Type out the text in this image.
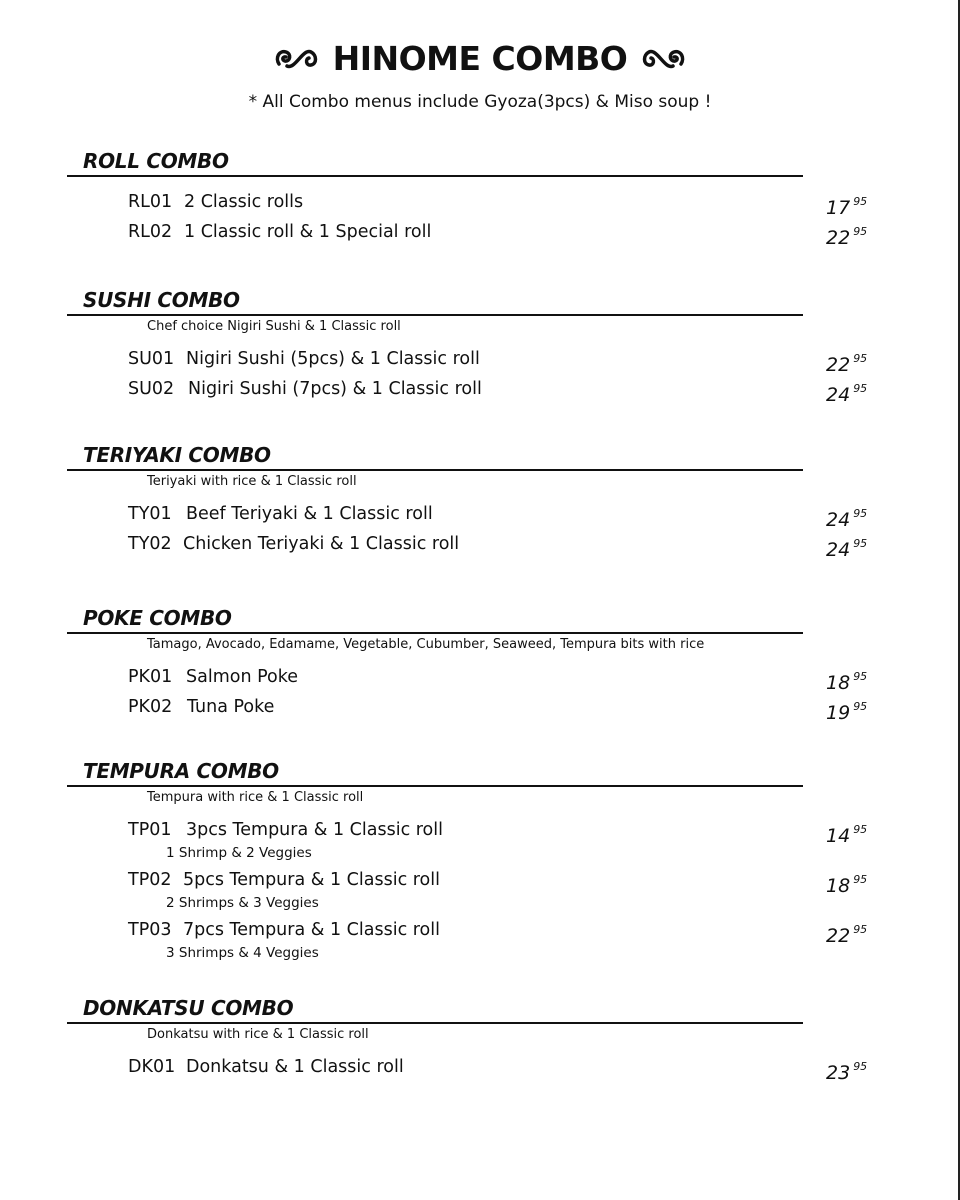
HINOME COMBO
* All Combo menus include Gyoza(3pcs) & Miso soup !
ROLL COMBO
RL01 2 Classic rolls	17 $^{95}$
RL02 1 Classic roll & 1 Special roll	22 $^{95}$
SUSHI COMBO
Chef choice Nigiri Sushi & 1 Classic roll
SU01 Nigiri Sushi (5pcs) & 1 Classic roll	22 $^{95}$
SU02 Nigiri Sushi (7pcs) & 1 Classic roll	24 $^{95}$
TERIYAKI COMBO
Teriyaki with rice & 1 Classic roll
TY01 Beef Teriyaki & 1 Classic roll	24 $^{95}$
TY02 Chicken Teriyaki & 1 Classic roll	24 $^{95}$
POKE COMBO
Tamago, Avocado, Edamame, Vegetable, Cubumber, Seaweed, Tempura bits with rice
PK01 Salmon Poke	18 $^{95}$
PK02 Tuna Poke	19 $^{95}$
TEMPURA COMBO
Tempura with rice & 1 Classic roll
TP01 3pcs Tempura & 1 Classic roll	14 $^{95}$
1 Shrimp & 2 Veggies
TP02 5pcs Tempura & 1 Classic roll	18 $^{95}$
2 Shrimps & 3 Veggies
TP03 7pcs Tempura & 1 Classic roll	22 $^{95}$
3 Shrimps & 4 Veggies
DONKATSU COMBO
Donkatsu with rice & 1 Classic roll
DK01 Donkatsu & 1 Classic roll	23 $^{95}$
